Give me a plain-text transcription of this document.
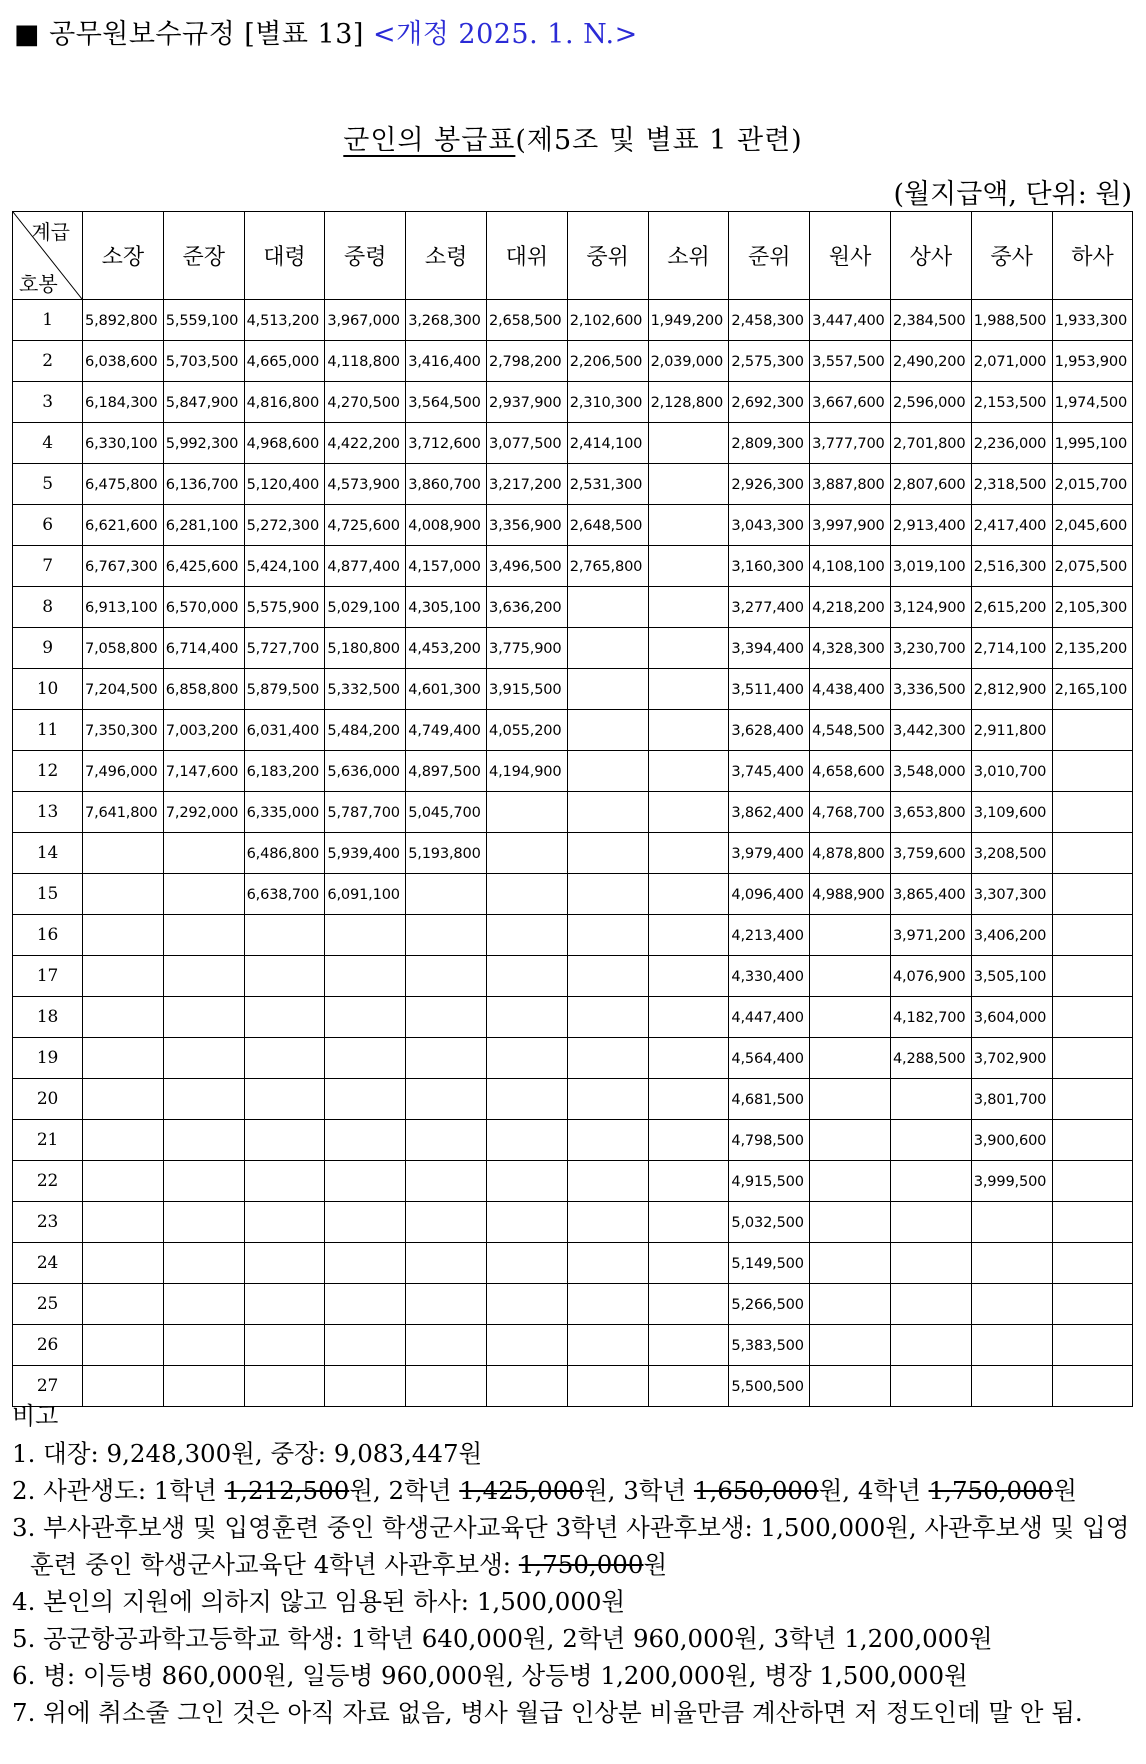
■ 공무원보수규정 [별표 13] <개정 2025. 1. N.>
군인의 봉급표(제5조 및 별표 1 관련)
(월지급액, 단위: 원)
계급
호봉	소장	준장	대령	중령	소령	대위	중위	소위	준위	원사	상사	중사	하사
1	5,892,800	5,559,100	4,513,200	3,967,000	3,268,300	2,658,500	2,102,600	1,949,200	2,458,300	3,447,400	2,384,500	1,988,500	1,933,300
2	6,038,600	5,703,500	4,665,000	4,118,800	3,416,400	2,798,200	2,206,500	2,039,000	2,575,300	3,557,500	2,490,200	2,071,000	1,953,900
3	6,184,300	5,847,900	4,816,800	4,270,500	3,564,500	2,937,900	2,310,300	2,128,800	2,692,300	3,667,600	2,596,000	2,153,500	1,974,500
4	6,330,100	5,992,300	4,968,600	4,422,200	3,712,600	3,077,500	2,414,100		2,809,300	3,777,700	2,701,800	2,236,000	1,995,100
5	6,475,800	6,136,700	5,120,400	4,573,900	3,860,700	3,217,200	2,531,300		2,926,300	3,887,800	2,807,600	2,318,500	2,015,700
6	6,621,600	6,281,100	5,272,300	4,725,600	4,008,900	3,356,900	2,648,500		3,043,300	3,997,900	2,913,400	2,417,400	2,045,600
7	6,767,300	6,425,600	5,424,100	4,877,400	4,157,000	3,496,500	2,765,800		3,160,300	4,108,100	3,019,100	2,516,300	2,075,500
8	6,913,100	6,570,000	5,575,900	5,029,100	4,305,100	3,636,200			3,277,400	4,218,200	3,124,900	2,615,200	2,105,300
9	7,058,800	6,714,400	5,727,700	5,180,800	4,453,200	3,775,900			3,394,400	4,328,300	3,230,700	2,714,100	2,135,200
10	7,204,500	6,858,800	5,879,500	5,332,500	4,601,300	3,915,500			3,511,400	4,438,400	3,336,500	2,812,900	2,165,100
11	7,350,300	7,003,200	6,031,400	5,484,200	4,749,400	4,055,200			3,628,400	4,548,500	3,442,300	2,911,800	
12	7,496,000	7,147,600	6,183,200	5,636,000	4,897,500	4,194,900			3,745,400	4,658,600	3,548,000	3,010,700	
13	7,641,800	7,292,000	6,335,000	5,787,700	5,045,700				3,862,400	4,768,700	3,653,800	3,109,600	
14			6,486,800	5,939,400	5,193,800				3,979,400	4,878,800	3,759,600	3,208,500	
15			6,638,700	6,091,100					4,096,400	4,988,900	3,865,400	3,307,300	
16									4,213,400		3,971,200	3,406,200	
17									4,330,400		4,076,900	3,505,100	
18									4,447,400		4,182,700	3,604,000	
19									4,564,400		4,288,500	3,702,900	
20									4,681,500			3,801,700	
21									4,798,500			3,900,600	
22									4,915,500			3,999,500	
23									5,032,500				
24									5,149,500				
25									5,266,500				
26									5,383,500				
27									5,500,500				
비고
1. 대장: 9,248,300원, 중장: 9,083,447원
2. 사관생도: 1학년 1,212,500원, 2학년 1,425,000원, 3학년 1,650,000원, 4학년 1,750,000원
3. 부사관후보생 및 입영훈련 중인 학생군사교육단 3학년 사관후보생: 1,500,000원, 사관후보생 및 입영훈련 중인 학생군사교육단 4학년 사관후보생: 1,750,000원
4. 본인의 지원에 의하지 않고 임용된 하사: 1,500,000원
5. 공군항공과학고등학교 학생: 1학년 640,000원, 2학년 960,000원, 3학년 1,200,000원
6. 병: 이등병 860,000원, 일등병 960,000원, 상등병 1,200,000원, 병장 1,500,000원
7. 위에 취소줄 그인 것은 아직 자료 없음, 병사 월급 인상분 비율만큼 계산하면 저 정도인데 말 안 됨.
